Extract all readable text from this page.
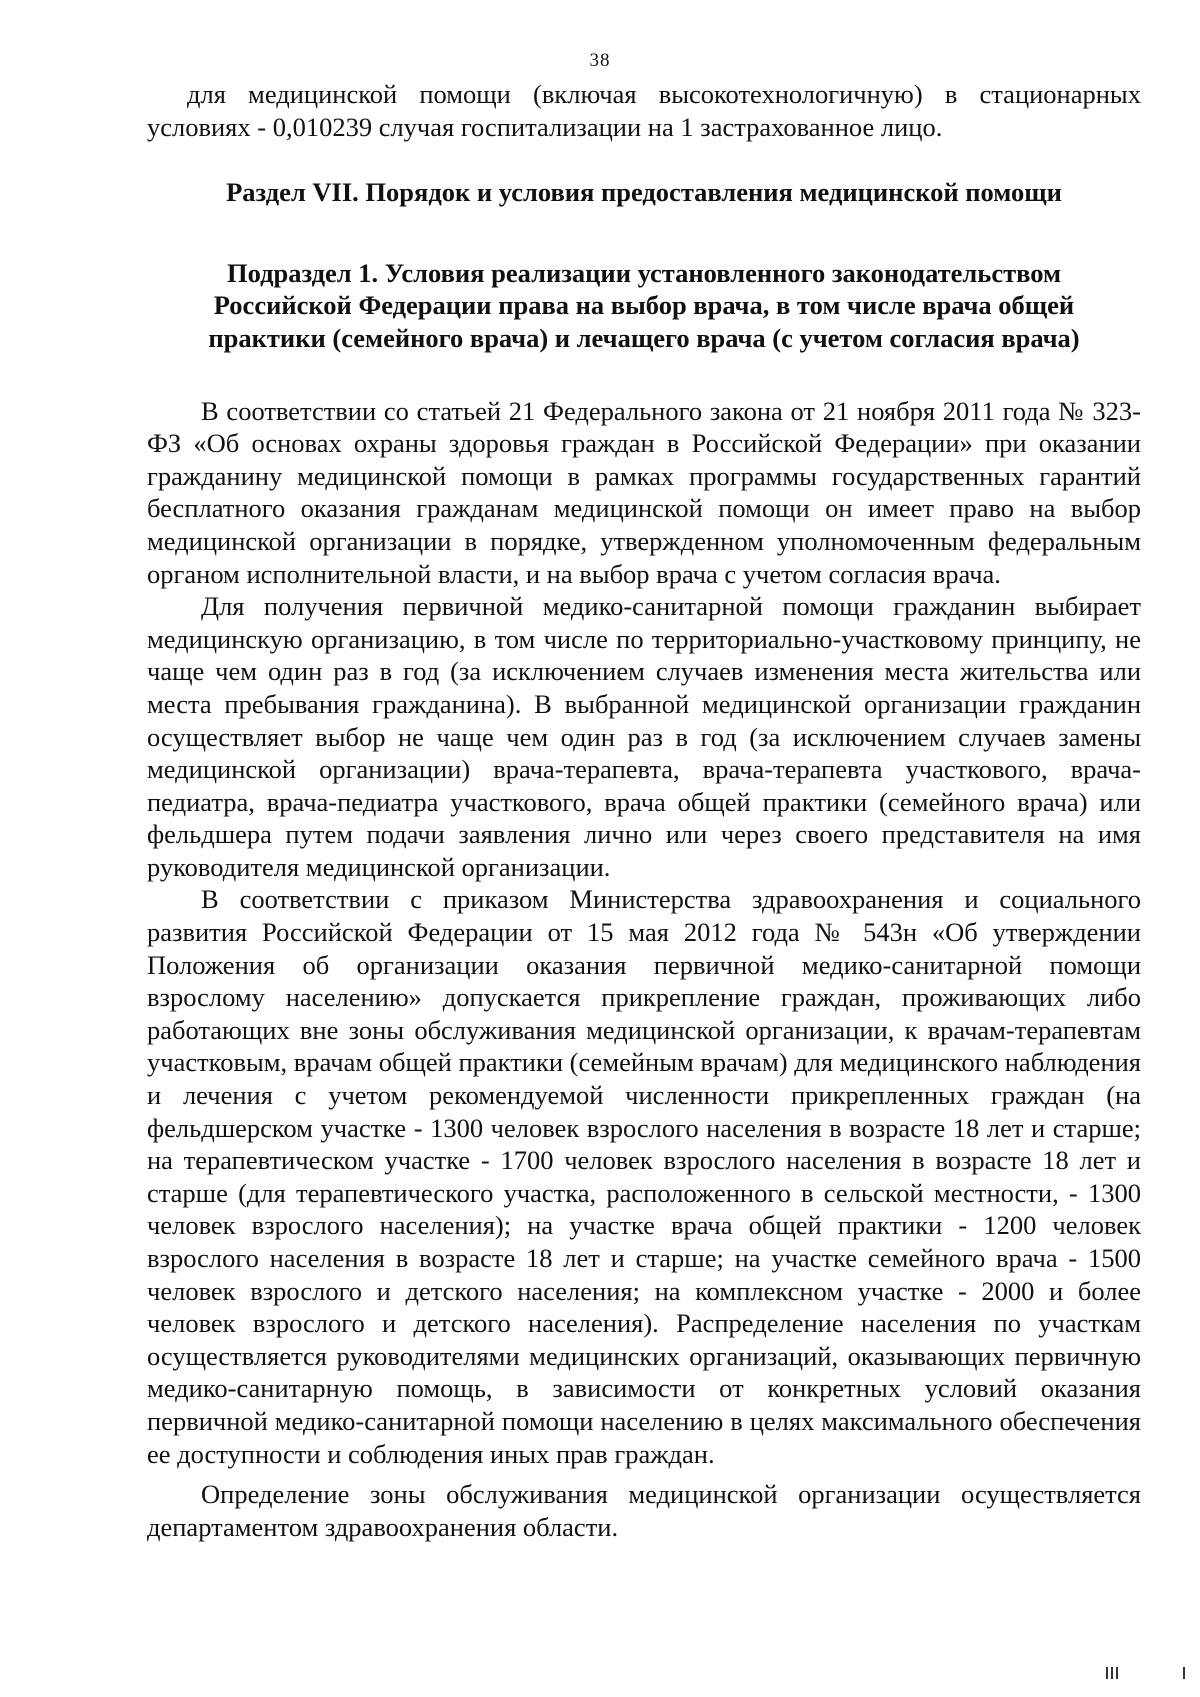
38

для медицинской помощи (включая высокотехнологичную) в стационарных условиях - 0,010239 случая госпитализации на 1 застрахованное лицо.

Раздел VII. Порядок и условия предоставления медицинской помощи
Подраздел 1. Условия реализации установленного законодательством Российской Федерации права на выбор врача, в том числе врача общей практики (семейного врача) и лечащего врача (с учетом согласия врача)

В соответствии со статьей 21 Федерального закона от 21 ноября 2011 года № 323-ФЗ «Об основах охраны здоровья граждан в Российской Федерации» при оказании гражданину медицинской помощи в рамках программы государственных гарантий бесплатного оказания гражданам медицинской помощи он имеет право на выбор медицинской организации в порядке, утвержденном уполномоченным федеральным органом исполнительной власти, и на выбор врача с учетом согласия врача.

Для получения первичной медико-санитарной помощи гражданин выбирает медицинскую организацию, в том числе по территориально-участковому принципу, не чаще чем один раз в год (за исключением случаев изменения места жительства или места пребывания гражданина). В выбранной медицинской организации гражданин осуществляет выбор не чаще чем один раз в год (за исключением случаев замены медицинской организации) врача-терапевта, врача-терапевта участкового, врача-педиатра, врача-педиатра участкового, врача общей практики (семейного врача) или фельдшера путем подачи заявления лично или через своего представителя на имя руководителя медицинской организации.

В соответствии с приказом Министерства здравоохранения и социального развития Российской Федерации от 15 мая 2012 года № 543н «Об утверждении Положения об организации оказания первичной медико-санитарной помощи взрослому населению» допускается прикрепление граждан, проживающих либо работающих вне зоны обслуживания медицинской организации, к врачам-терапевтам участковым, врачам общей практики (семейным врачам) для медицинского наблюдения и лечения с учетом рекомендуемой численности прикрепленных граждан (на фельдшерском участке - 1300 человек взрослого населения в возрасте 18 лет и старше; на терапевтическом участке - 1700 человек взрослого населения в возрасте 18 лет и старше (для терапевтического участка, расположенного в сельской местности, - 1300 человек взрослого населения); на участке врача общей практики - 1200 человек взрослого населения в возрасте 18 лет и старше; на участке семейного врача - 1500 человек взрослого и детского населения; на комплексном участке - 2000 и более человек взрослого и детского населения). Распределение населения по участкам осуществляется руководителями медицинских организаций, оказывающих первичную медико-санитарную помощь, в зависимости от конкретных условий оказания первичной медико-санитарной помощи населению в целях максимального обеспечения ее доступности и соблюдения иных прав граждан.

Определение зоны обслуживания медицинской организации осуществляется департаментом здравоохранения области.
